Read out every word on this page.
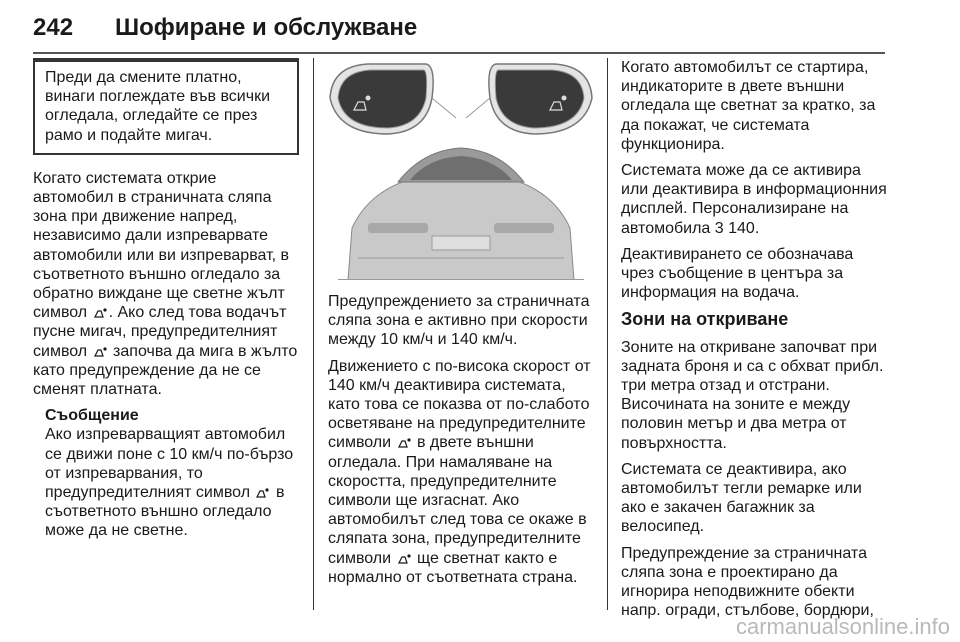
242 Шофиране и обслужване

Преди да смените платно, винаги поглеждате във всички огледала, огледайте се през рамо и подайте мигач.

Когато системата открие автомобил в страничната сляпа зона при движение напред, независимо дали изпреварвате автомобили или ви изпреварват, в съответното външно огледало за обратно виждане ще светне жълт символ . Ако след това водачът пусне мигач, предупредителният символ започва да мига в жълто като предупреждение да не се сменят платната.

Съобщение

Ако изпреварващият автомобил се движи поне с 10 км/ч по-бързо от изпреварвания, то предупредителният символ в съответното външно огледало може да не светне.

Предупреждението за страничната сляпа зона е активно при скорости между 10 км/ч и 140 км/ч.

Движението с по-висока скорост от 140 км/ч деактивира системата, като това се показва от по-слаботo осветяване на предупредителните символи в двете външни огледала. При намаляване на скоростта, предупредителните символи ще изгаснат. Ако автомобилът след това се окаже в сляпата зона, предупредителните символи ще светнат както е нормално от съответната страна.

Когато автомобилът се стартира, индикаторите в двете външни огледала ще светнат за кратко, за да покажат, че системата функционира.

Системата може да се активира или деактивира в информационния дисплей. Персонализиране на автомобила 3 140.

Деактивирането се обозначава чрез съобщение в центъра за информация на водача.

Зони на откриване

Зоните на откриване започват при задната броня и са с обхват прибл. три метра отзад и отстрани. Височината на зоните е между половин метър и два метра от повърхността.

Системата се деактивира, ако автомобилът тегли ремарке или ако е закачен багажник за велосипед.

Предупреждение за страничната сляпа зона е проектирано да игнорира неподвижните обекти напр. огради, стълбове, бордюри,

carmanualsonline.info
